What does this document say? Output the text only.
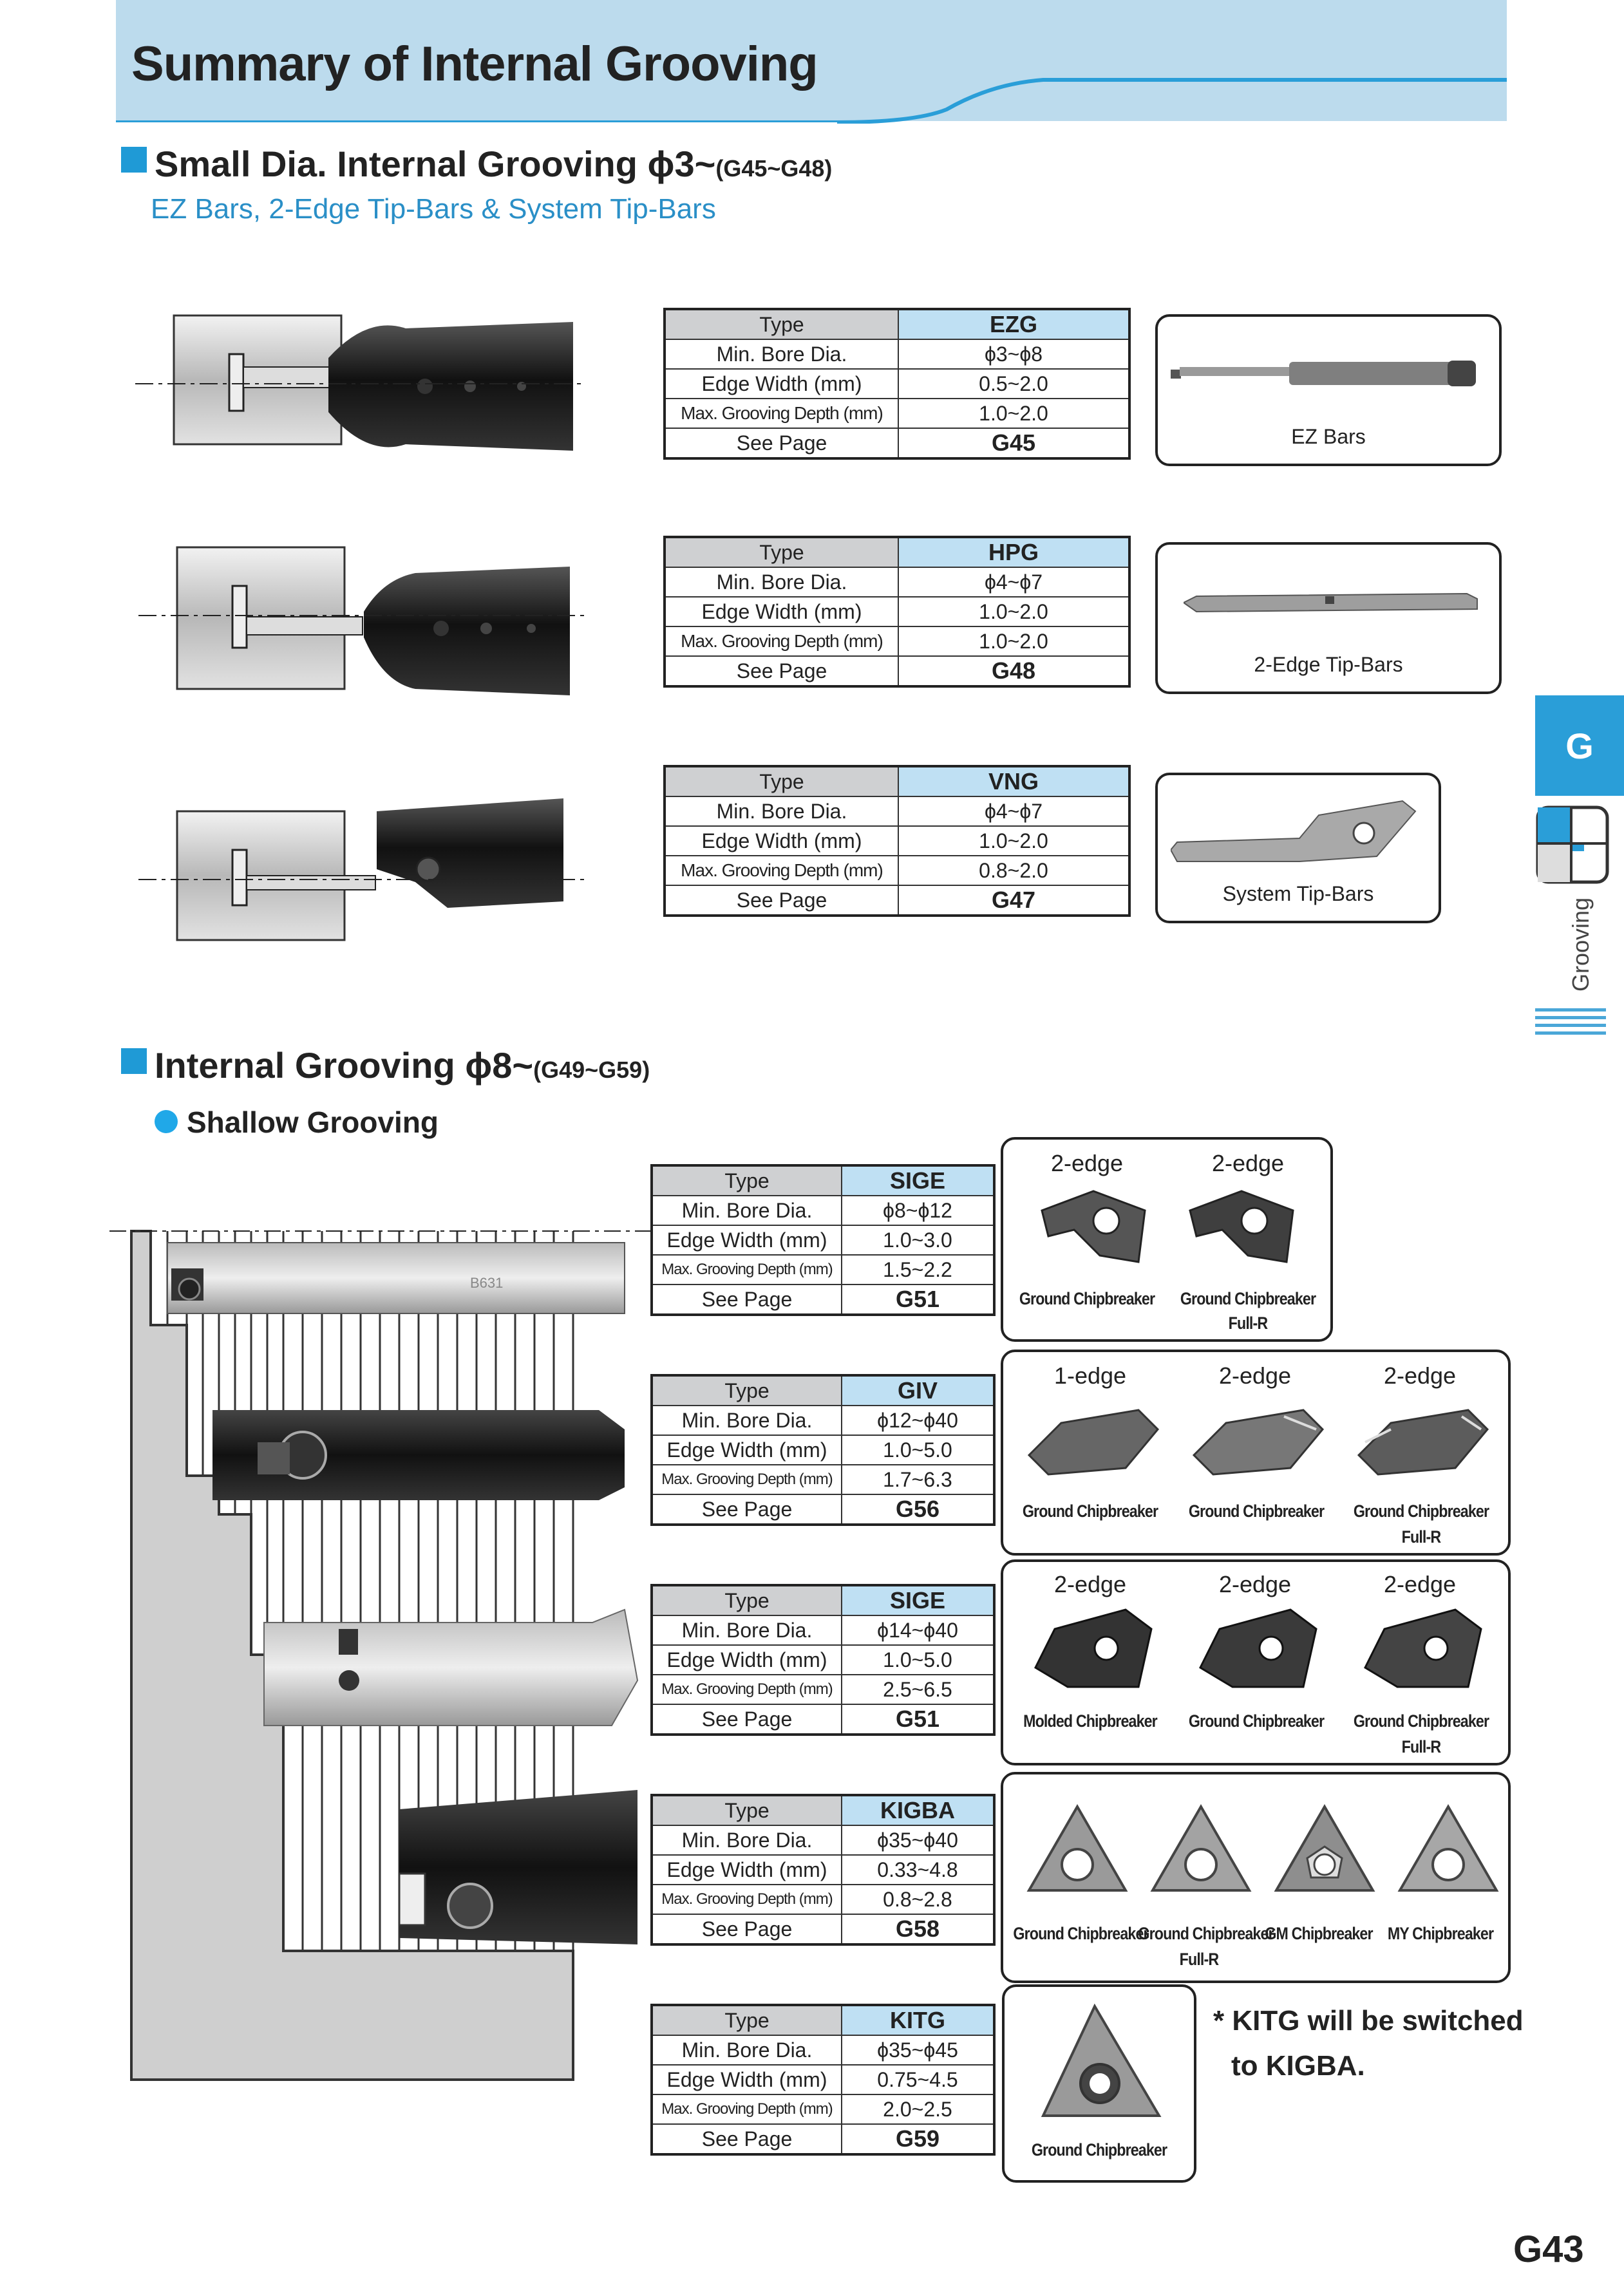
Summary of Internal Grooving
Small Dia. Internal Grooving ϕ3~(G45~G48)
EZ Bars, 2-Edge Tip-Bars & System Tip-Bars
Type	EZG
Min. Bore Dia.	ϕ3~ϕ8
Edge Width (mm)	0.5~2.0
Max. Grooving Depth (mm)	1.0~2.0
See Page	G45
Type	HPG
Min. Bore Dia.	ϕ4~ϕ7
Edge Width (mm)	1.0~2.0
Max. Grooving Depth (mm)	1.0~2.0
See Page	G48
Type	VNG
Min. Bore Dia.	ϕ4~ϕ7
Edge Width (mm)	1.0~2.0
Max. Grooving Depth (mm)	0.8~2.0
See Page	G47
EZ Bars
2-Edge Tip-Bars
System Tip-Bars
G
Grooving
Internal Grooving ϕ8~(G49~G59)
Shallow Grooving
B631
Type	SIGE
Min. Bore Dia.	ϕ8~ϕ12
Edge Width (mm)	1.0~3.0
Max. Grooving Depth (mm)	1.5~2.2
See Page	G51
Type	GIV
Min. Bore Dia.	ϕ12~ϕ40
Edge Width (mm)	1.0~5.0
Max. Grooving Depth (mm)	1.7~6.3
See Page	G56
Type	SIGE
Min. Bore Dia.	ϕ14~ϕ40
Edge Width (mm)	1.0~5.0
Max. Grooving Depth (mm)	2.5~6.5
See Page	G51
Type	KIGBA
Min. Bore Dia.	ϕ35~ϕ40
Edge Width (mm)	0.33~4.8
Max. Grooving Depth (mm)	0.8~2.8
See Page	G58
Type	KITG
Min. Bore Dia.	ϕ35~ϕ45
Edge Width (mm)	0.75~4.5
Max. Grooving Depth (mm)	2.0~2.5
See Page	G59
2-edge	2-edge
Ground Chipbreaker Ground Chipbreaker
Full-R
1-edge	2-edge	2-edge
Ground Chipbreaker	Ground Chipbreaker	Ground Chipbreaker
Full-R
2-edge	2-edge	2-edge
Molded Chipbreaker	Ground Chipbreaker	Ground Chipbreaker
Full-R
Ground Chipbreaker
Ground Chipbreaker
Full-R
GM Chipbreaker MY Chipbreaker
Ground Chipbreaker
* KITG will be switched
to KIGBA.
G43
